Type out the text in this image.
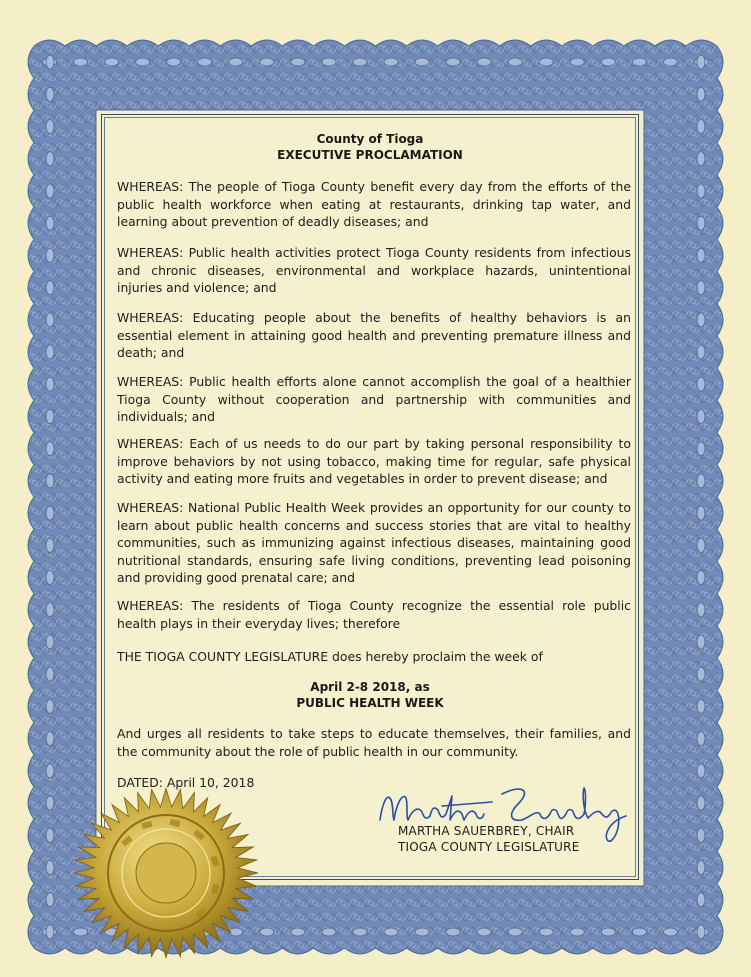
County of Tioga
EXECUTIVE PROCLAMATION
WHEREAS: The people of Tioga County benefit every day from the efforts of the public health workforce when eating at restaurants, drinking tap water, and learning about prevention of deadly diseases; and
WHEREAS: Public health activities protect Tioga County residents from infectious and chronic diseases, environmental and workplace hazards, unintentional injuries and violence; and
WHEREAS: Educating people about the benefits of healthy behaviors is an essential element in attaining good health and preventing premature illness and death; and
WHEREAS: Public health efforts alone cannot accomplish the goal of a healthier Tioga County without cooperation and partnership with communities and individuals; and
WHEREAS: Each of us needs to do our part by taking personal responsibility to improve behaviors by not using tobacco, making time for regular, safe physical activity and eating more fruits and vegetables in order to prevent disease; and
WHEREAS: National Public Health Week provides an opportunity for our county to learn about public health concerns and success stories that are vital to healthy communities, such as immunizing against infectious diseases, maintaining good nutritional standards, ensuring safe living conditions, preventing lead poisoning and providing good prenatal care; and
WHEREAS: The residents of Tioga County recognize the essential role public health plays in their everyday lives; therefore
THE TIOGA COUNTY LEGISLATURE does hereby proclaim the week of
April 2-8 2018, as
PUBLIC HEALTH WEEK
And urges all residents to take steps to educate themselves, their families, and the community about the role of public health in our community.
DATED: April 10, 2018
MARTHA SAUERBREY, CHAIR
TIOGA COUNTY LEGISLATURE
